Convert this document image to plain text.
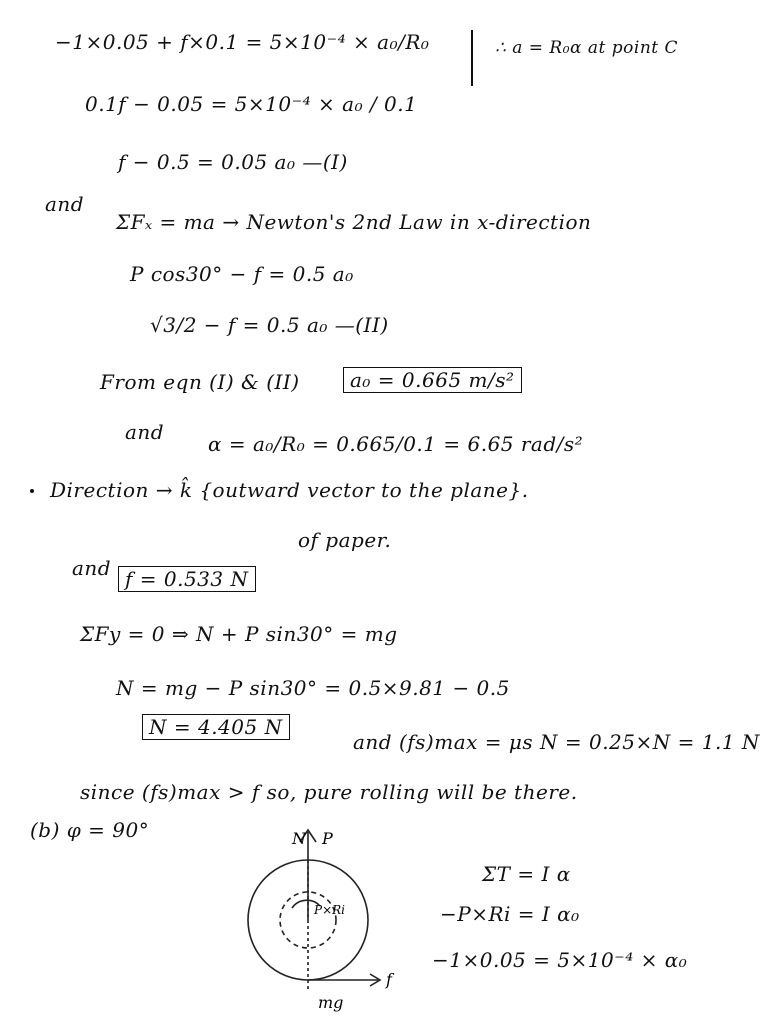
−1×0.05 + f×0.1 = 5×10⁻⁴ × a₀/R₀	∴ a = R₀α at point C
0.1f − 0.05 = 5×10⁻⁴ × a₀ / 0.1
f − 0.5 = 0.05 a₀ —(I)
and
ΣFₓ = ma → Newton's 2nd Law in x-direction
P cos30° − f = 0.5 a₀
√3/2 − f = 0.5 a₀ —(II)
From eqn (I) & (II)	a₀ = 0.665 m/s²
and α = a₀/R₀ = 0.665/0.1 = 6.65 rad/s²
Direction → k̂ {outward vector to the plane}.
of paper.
and f = 0.533 N
ΣFy = 0 ⇒ N + P sin30° = mg
N = mg − P sin30° = 0.5×9.81 − 0.5
N = 4.405 N
and (fs)max = μs N = 0.25×N = 1.1 N
since (fs)max > f so, pure rolling will be there.
(b) φ = 90°	N P
P×Ri
f
mg
ΣT = I α
−P×Ri = I α₀
−1×0.05 = 5×10⁻⁴ × α₀
